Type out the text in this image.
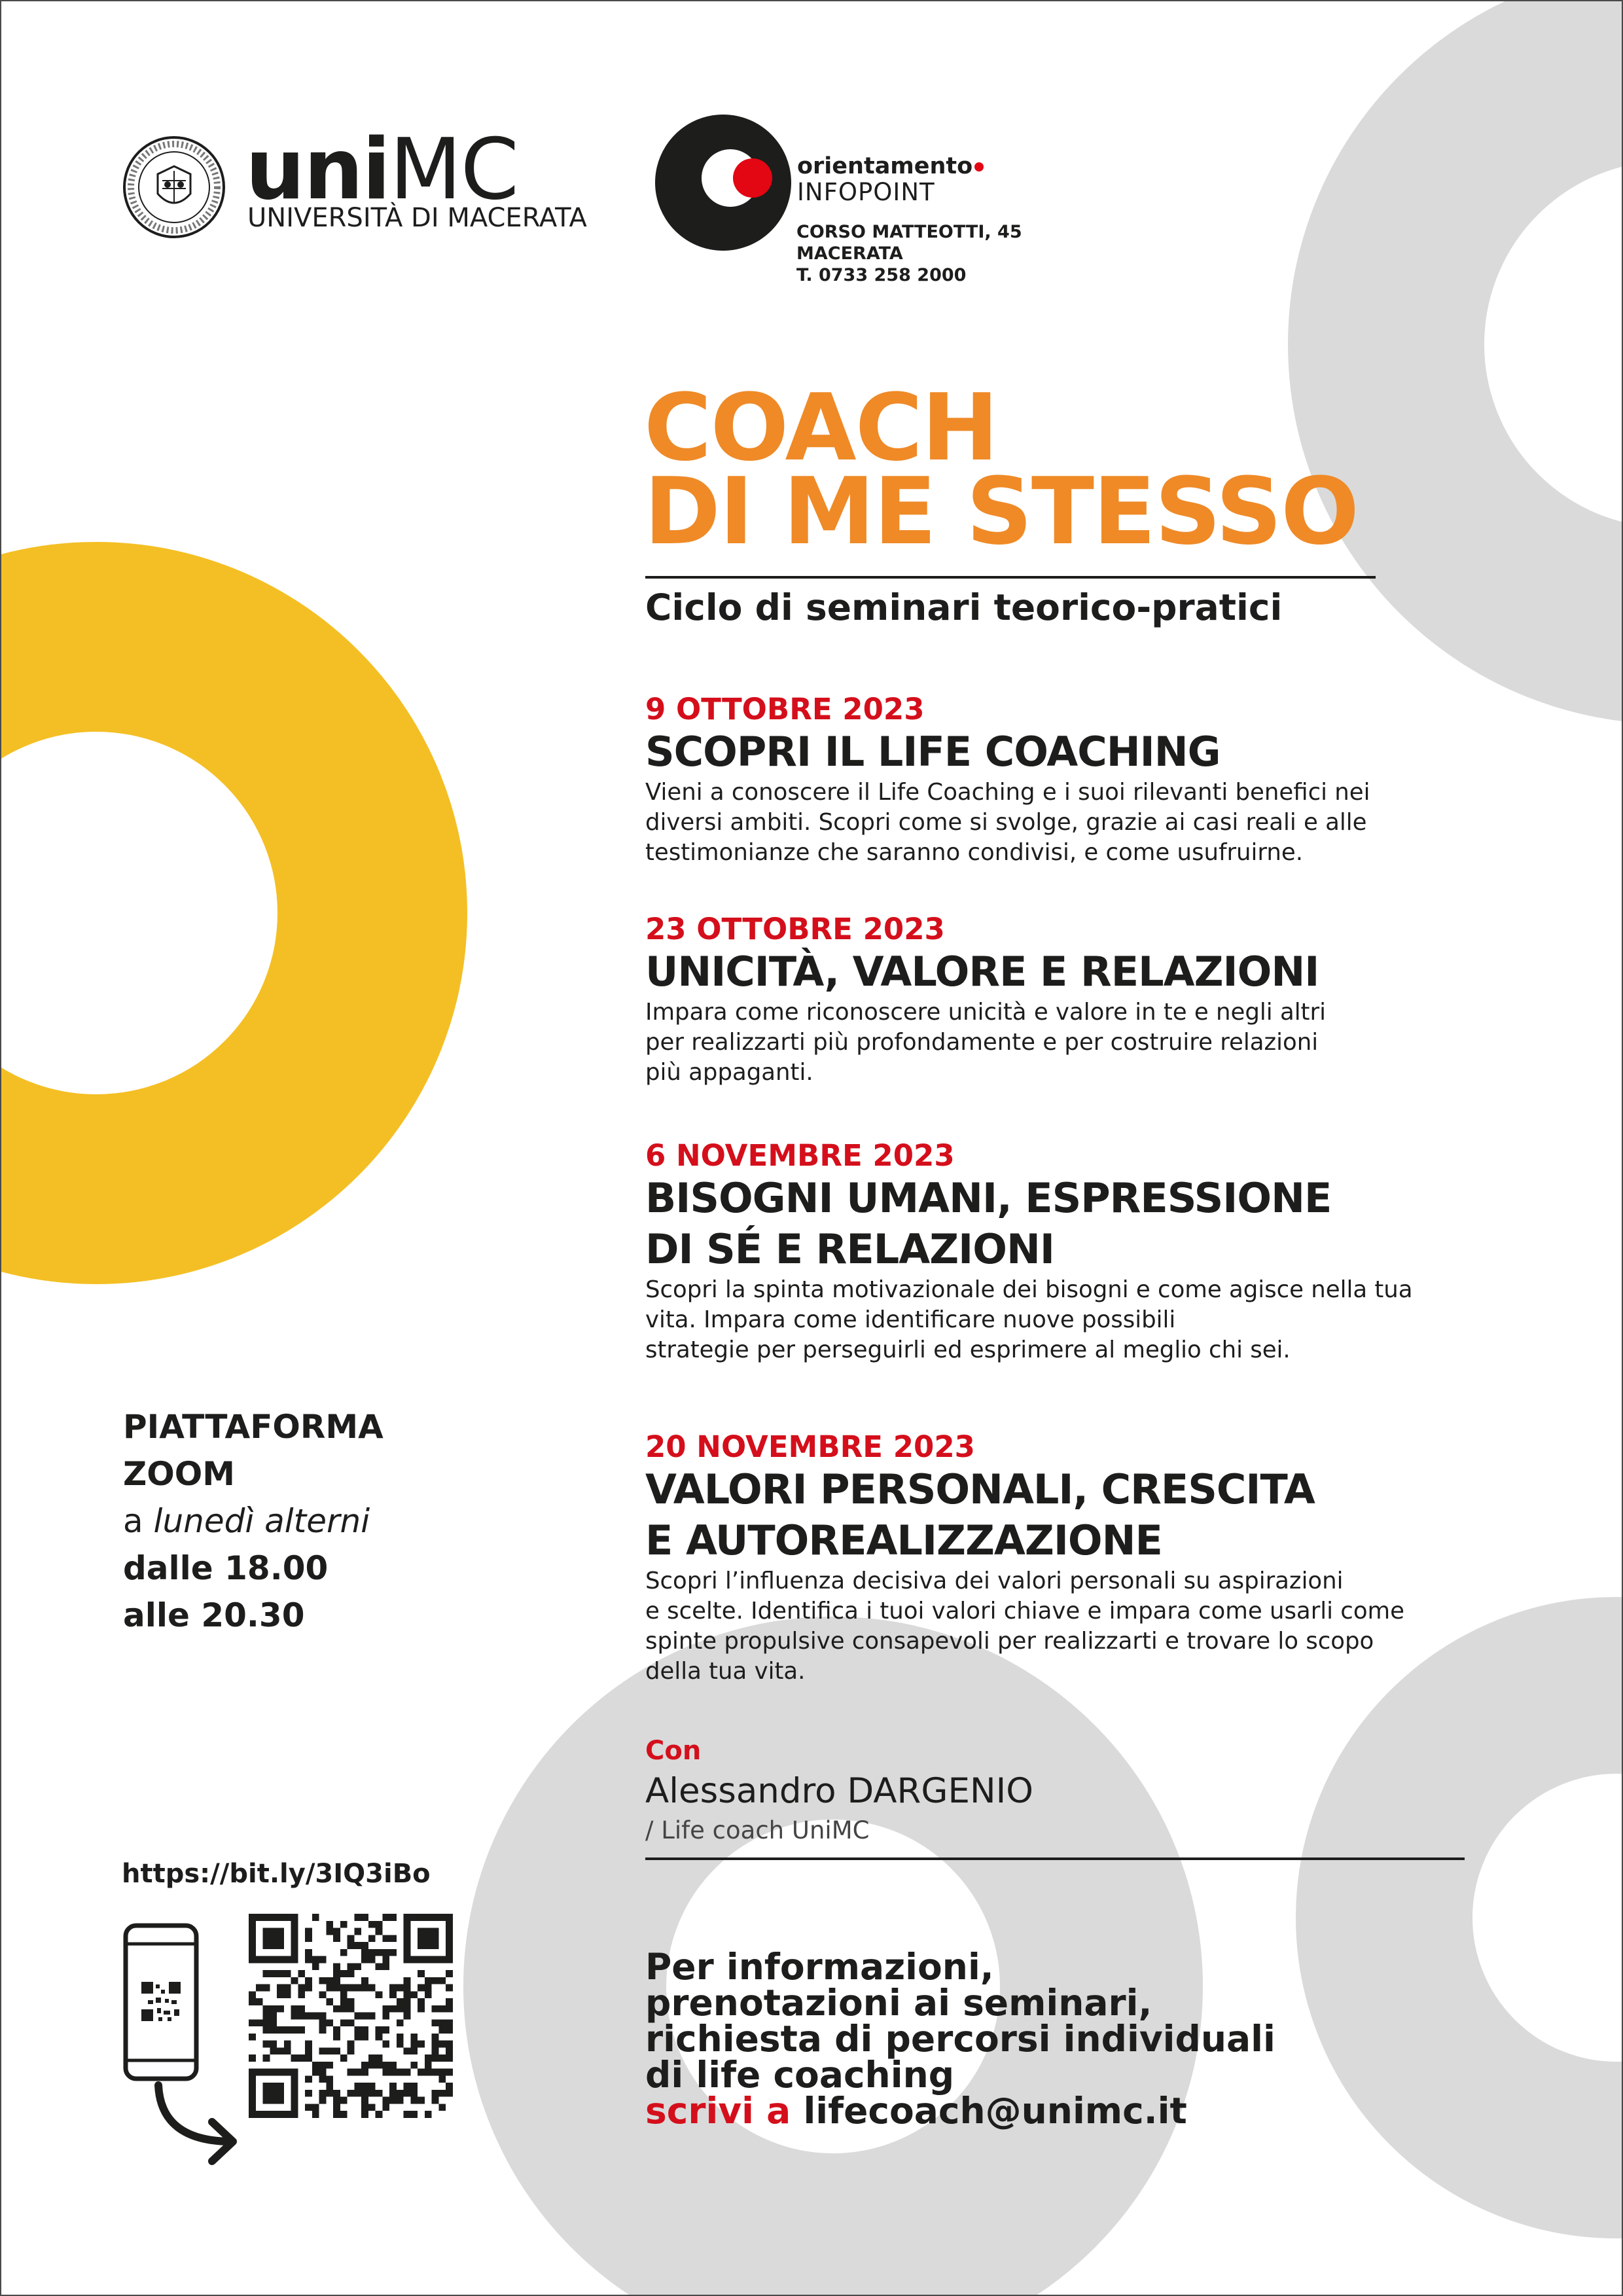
uniMC
UNIVERSITÀ DI MACERATA
orientamento
INFOPOINT
CORSO MATTEOTTI, 45
MACERATA
T. 0733 258 2000
COACH
DI ME STESSO
Ciclo di seminari teorico-pratici
9 OTTOBRE 2023
SCOPRI IL LIFE COACHING
Vieni a conoscere il Life Coaching e i suoi rilevanti benefici nei
diversi ambiti. Scopri come si svolge, grazie ai casi reali e alle
testimonianze che saranno condivisi, e come usufruirne.
23 OTTOBRE 2023
UNICITÀ, VALORE E RELAZIONI
Impara come riconoscere unicità e valore in te e negli altri
per realizzarti più profondamente e per costruire relazioni
più appaganti.
6 NOVEMBRE 2023
BISOGNI UMANI, ESPRESSIONE
DI SÉ E RELAZIONI
Scopri la spinta motivazionale dei bisogni e come agisce nella tua
vita. Impara come identificare nuove possibili
strategie per perseguirli ed esprimere al meglio chi sei.
20 NOVEMBRE 2023
VALORI PERSONALI, CRESCITA
E AUTOREALIZZAZIONE
Scopri l’influenza decisiva dei valori personali su aspirazioni
e scelte. Identifica i tuoi valori chiave e impara come usarli come
spinte propulsive consapevoli per realizzarti e trovare lo scopo
della tua vita.
PIATTAFORMA
ZOOM
a lunedì alterni
dalle 18.00
alle 20.30
Con
Alessandro DARGENIO
/ Life coach UniMC
https://bit.ly/3IQ3iBo
Per informazioni,
prenotazioni ai seminari,
richiesta di percorsi individuali
di life coaching
scrivi a lifecoach@unimc.it
